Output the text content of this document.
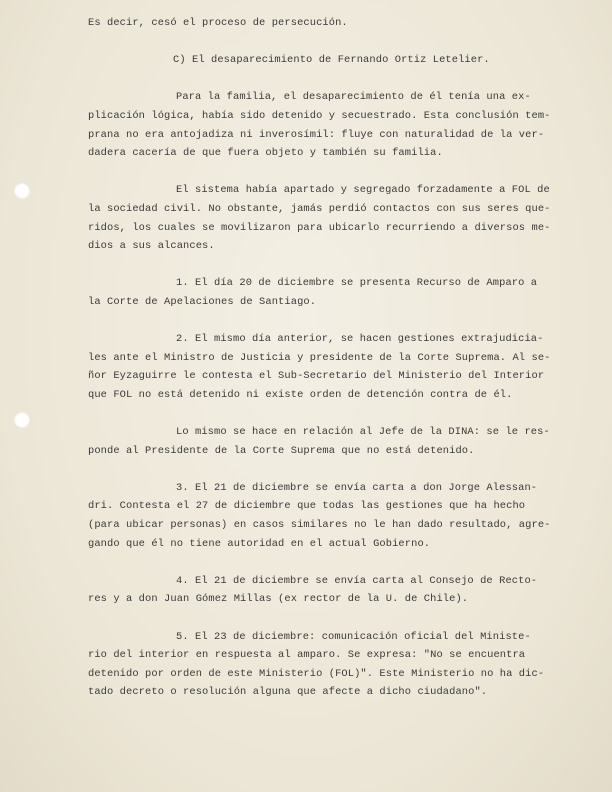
Es decir, cesó el proceso de persecución.
C) El desaparecimiento de Fernando Ortiz Letelier.
Para la familia, el desaparecimiento de él tenía una ex-
plicación lógica, había sido detenido y secuestrado. Esta conclusión tem-
prana no era antojadiza ni inverosímil: fluye con naturalidad de la ver-
dadera cacería de que fuera objeto y también su familia.
El sistema había apartado y segregado forzadamente a FOL de
la sociedad civil. No obstante, jamás perdió contactos con sus seres que-
ridos, los cuales se movilizaron para ubicarlo recurriendo a diversos me-
dios a sus alcances.
1. El día 20 de diciembre se presenta Recurso de Amparo a
la Corte de Apelaciones de Santiago.
2. El mismo día anterior, se hacen gestiones extrajudicia-
les ante el Ministro de Justicia y presidente de la Corte Suprema. Al se-
ñor Eyzaguirre le contesta el Sub-Secretario del Ministerio del Interior
que FOL no está detenido ni existe orden de detención contra de él.
Lo mismo se hace en relación al Jefe de la DINA: se le res-
ponde al Presidente de la Corte Suprema que no está detenido.
3. El 21 de diciembre se envía carta a don Jorge Alessan-
dri. Contesta el 27 de diciembre que todas las gestiones que ha hecho
(para ubicar personas) en casos similares no le han dado resultado, agre-
gando que él no tiene autoridad en el actual Gobierno.
4. El 21 de diciembre se envía carta al Consejo de Recto-
res y a don Juan Gómez Millas (ex rector de la U. de Chile).
5. El 23 de diciembre: comunicación oficial del Ministe-
rio del interior en respuesta al amparo. Se expresa: "No se encuentra
detenido por orden de este Ministerio (FOL)". Este Ministerio no ha dic-
tado decreto o resolución alguna que afecte a dicho ciudadano".
